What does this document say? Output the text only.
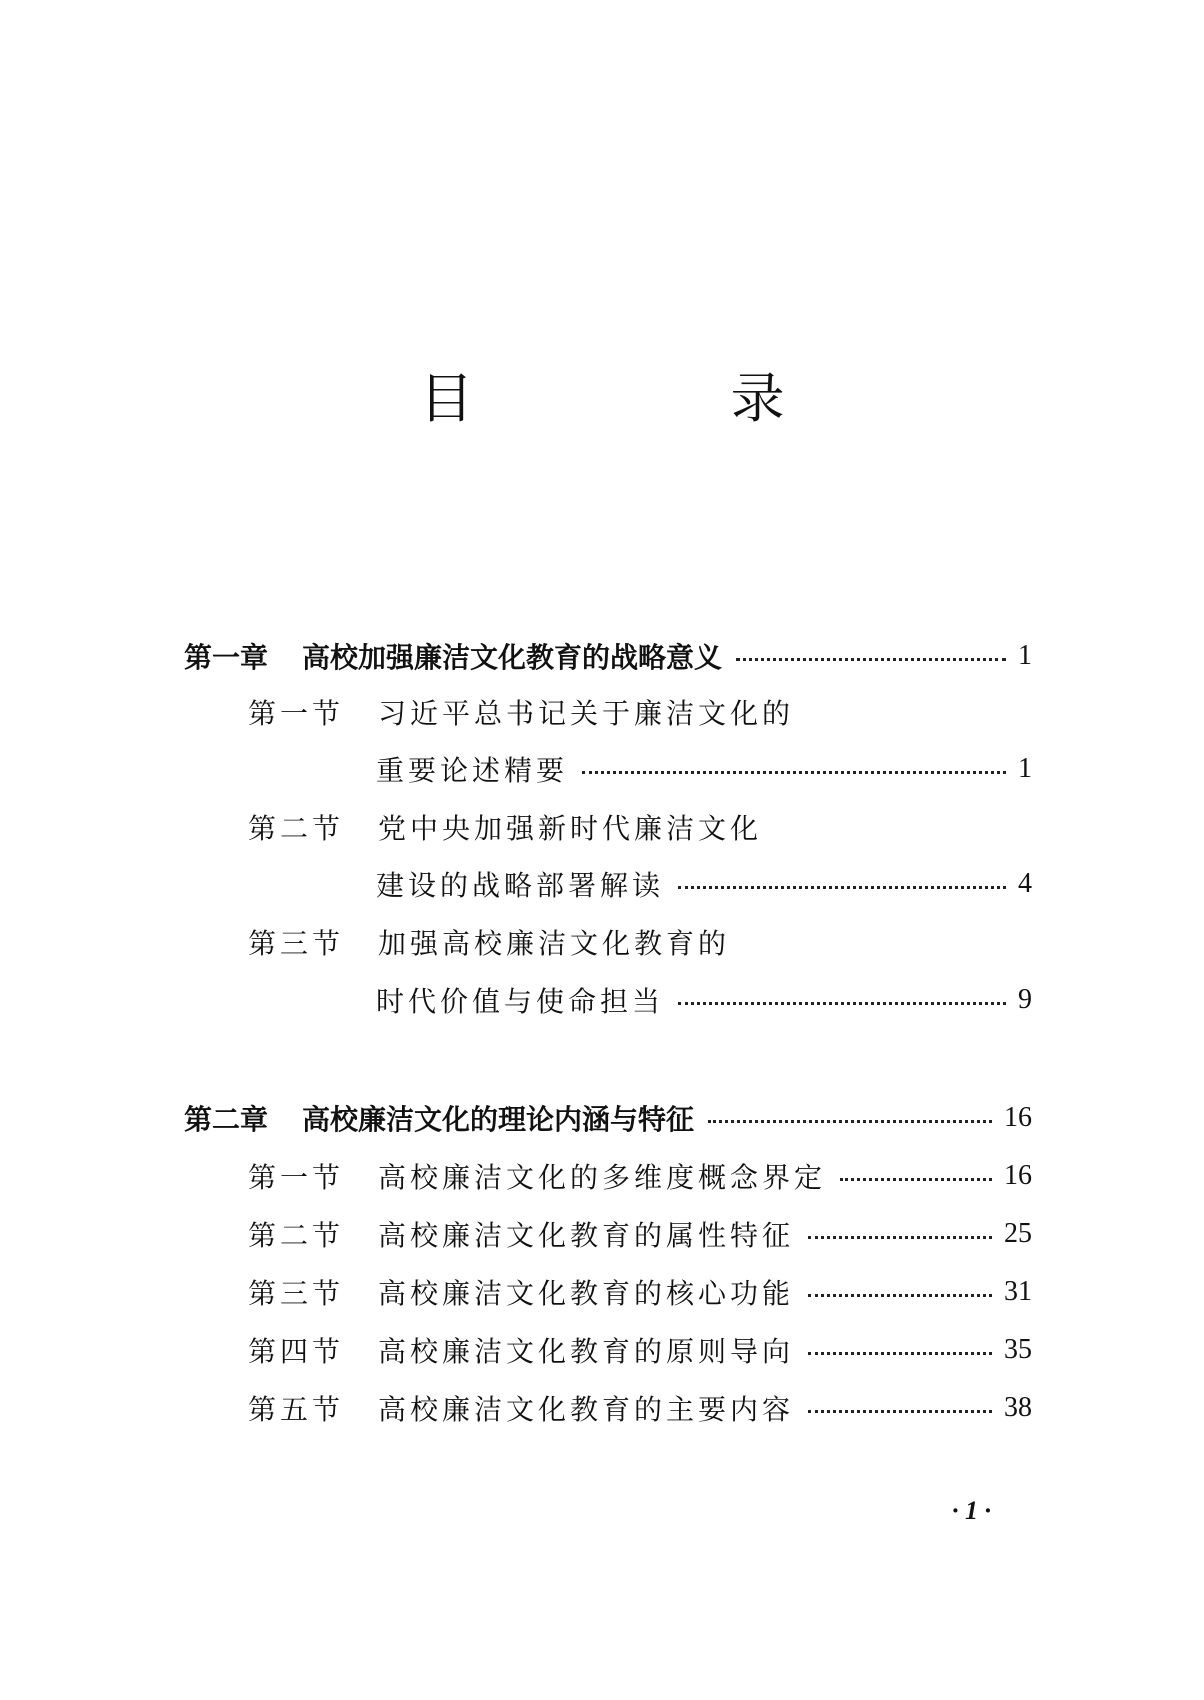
目 录
第一章 高校加强廉洁文化教育的战略意义	1
第一节 习近平总书记关于廉洁文化的
重要论述精要	1
第二节 党中央加强新时代廉洁文化
建设的战略部署解读	4
第三节 加强高校廉洁文化教育的
时代价值与使命担当	9
第二章 高校廉洁文化的理论内涵与特征	16
第一节 高校廉洁文化的多维度概念界定	16
第二节 高校廉洁文化教育的属性特征	25
第三节 高校廉洁文化教育的核心功能	31
第四节 高校廉洁文化教育的原则导向	35
第五节 高校廉洁文化教育的主要内容	38
· 1 ·
